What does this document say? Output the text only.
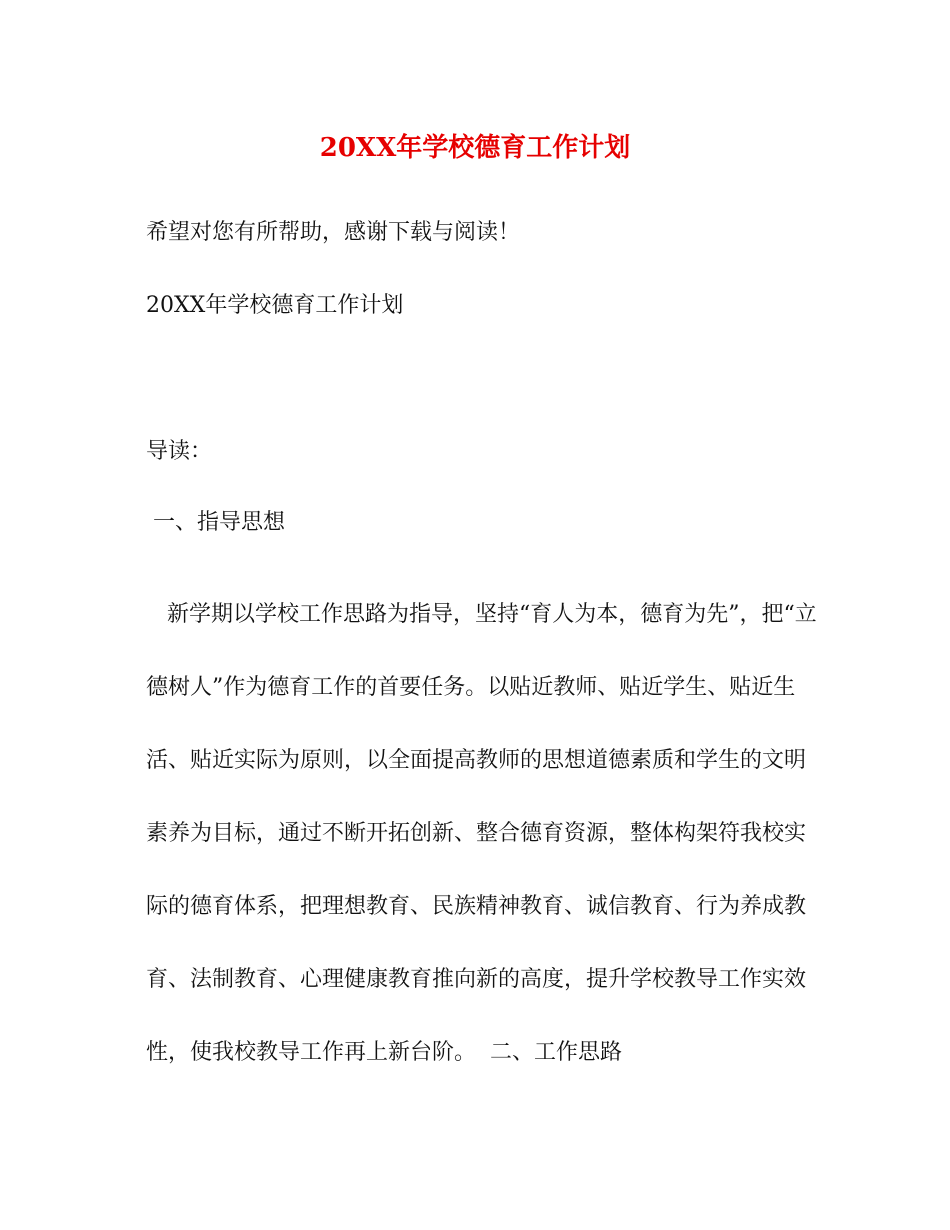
20XX年学校德育工作计划

希望对您有所帮助，感谢下载与阅读！

20XX年学校德育工作计划

导读：

一、指导思想

新学期以学校工作思路为指导，坚持“育人为本，德育为先”，把“立
德树人”作为德育工作的首要任务。以贴近教师、贴近学生、贴近生
活、贴近实际为原则，以全面提高教师的思想道德素质和学生的文明
素养为目标，通过不断开拓创新、整合德育资源，整体构架符我校实
际的德育体系，把理想教育、民族精神教育、诚信教育、行为养成教
育、法制教育、心理健康教育推向新的高度，提升学校教导工作实效
性，使我校教导工作再上新台阶。  二、工作思路
